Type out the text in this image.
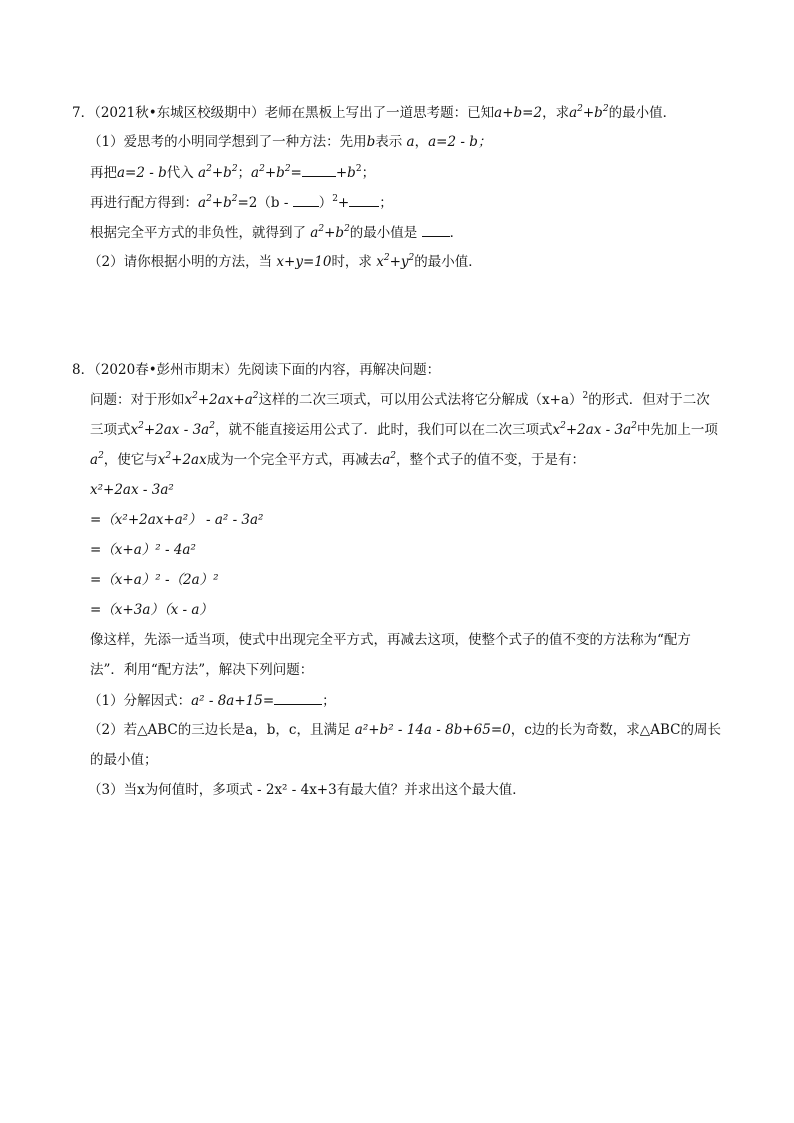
7．（2021秋•东城区校级期中）老师在黑板上写出了一道思考题：已知a+b=2，求$a^2+b^2$的最小值．
（1）爱思考的小明同学想到了一种方法：先用b表示 a，a=2 - b；
再把a=2 - b代入 $a^2+b^2$；$a^2+b^2=$	$+b^2$；
再进行配方得到：$a^2+b^2=2(b - )^2+$ ；
根据完全平方式的非负性，就得到了 $a^2+b^2$的最小值是 ．
（2）请你根据小明的方法，当 x+y=10时，求 $x^2+y^2$的最小值．
8．（2020春•彭州市期末）先阅读下面的内容，再解决问题：
问题：对于形如$x^2+2ax+a^2$这样的二次三项式，可以用公式法将它分解成$(x+a)^2$的形式．但对于二次
三项式$x^2+2ax - 3a^2$，就不能直接运用公式了．此时，我们可以在二次三项式$x^2+2ax - 3a^2$中先加上一项
$a^2$，使它与$x^2+2ax$成为一个完全平方式，再减去$a^2$，整个式子的值不变，于是有：
x²+2ax - 3a²
=（x²+2ax+a²） - a² - 3a²
=（x+a）² - 4a²
=（x+a）² -（2a）²
=（x+3a）（x - a）
像这样，先添一适当项，使式中出现完全平方式，再减去这项，使整个式子的值不变的方法称为“配方
法”．利用“配方法”，解决下列问题：
（1）分解因式：a² - 8a+15=	；
（2）若△ABC的三边长是a，b，c，且满足 a²+b² - 14a - 8b+65=0，c边的长为奇数，求△ABC的周长
的最小值；
（3）当x为何值时，多项式 - 2x² - 4x+3有最大值？并求出这个最大值．
